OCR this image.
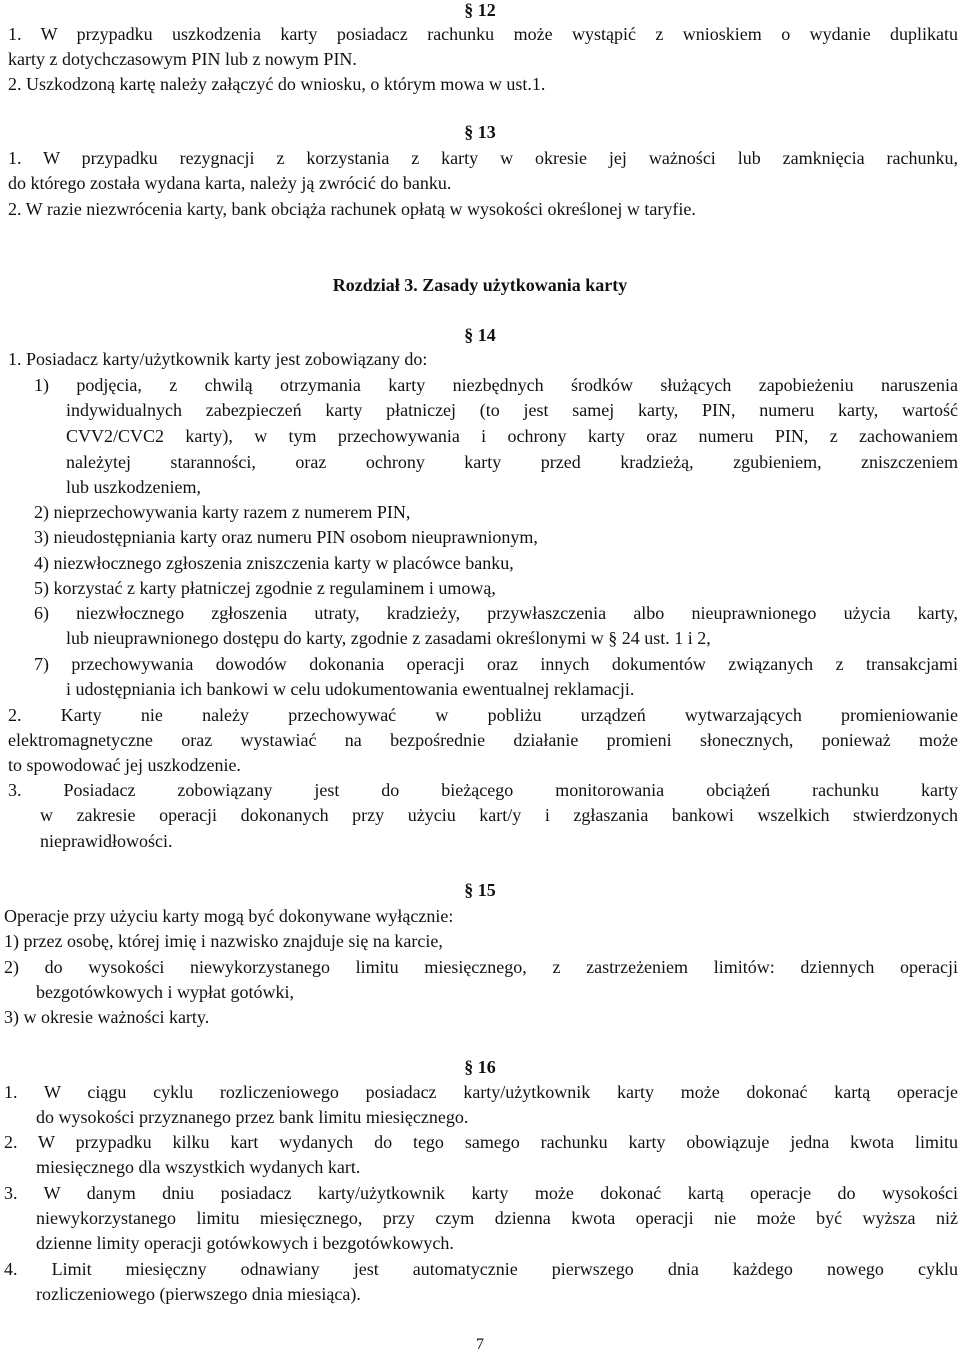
§ 12
1. W przypadku uszkodzenia karty posiadacz rachunku może wystąpić z wnioskiem o wydanie duplikatu
karty z dotychczasowym PIN lub z nowym PIN.
2. Uszkodzoną kartę należy załączyć do wniosku, o którym mowa w ust.1.
§ 13
1. W przypadku rezygnacji z korzystania z karty w okresie jej ważności lub zamknięcia rachunku,
do którego została wydana karta, należy ją zwrócić do banku.
2. W razie niezwrócenia karty, bank obciąża rachunek opłatą w wysokości określonej w taryfie.
Rozdział 3. Zasady użytkowania karty
§ 14
1. Posiadacz karty/użytkownik karty jest zobowiązany do:
1) podjęcia, z chwilą otrzymania karty niezbędnych środków służących zapobieżeniu naruszenia
indywidualnych zabezpieczeń karty płatniczej (to jest samej karty, PIN, numeru karty, wartość
CVV2/CVC2 karty), w tym przechowywania i ochrony karty oraz numeru PIN, z zachowaniem
należytej staranności, oraz ochrony karty przed kradzieżą, zgubieniem, zniszczeniem
lub uszkodzeniem,
2) nieprzechowywania karty razem z numerem PIN,
3) nieudostępniania karty oraz numeru PIN osobom nieuprawnionym,
4) niezwłocznego zgłoszenia zniszczenia karty w placówce banku,
5) korzystać z karty płatniczej zgodnie z regulaminem i umową,
6) niezwłocznego zgłoszenia utraty, kradzieży, przywłaszczenia albo nieuprawnionego użycia karty,
lub nieuprawnionego dostępu do karty, zgodnie z zasadami określonymi w § 24 ust. 1 i 2,
7) przechowywania dowodów dokonania operacji oraz innych dokumentów związanych z transakcjami
i udostępniania ich bankowi w celu udokumentowania ewentualnej reklamacji.
2. Karty nie należy przechowywać w pobliżu urządzeń wytwarzających promieniowanie
elektromagnetyczne oraz wystawiać na bezpośrednie działanie promieni słonecznych, ponieważ może
to spowodować jej uszkodzenie.
3. Posiadacz zobowiązany jest do bieżącego monitorowania obciążeń rachunku karty
w zakresie operacji dokonanych przy użyciu kart/y i zgłaszania bankowi wszelkich stwierdzonych
nieprawidłowości.
§ 15
Operacje przy użyciu karty mogą być dokonywane wyłącznie:
1) przez osobę, której imię i nazwisko znajduje się na karcie,
2) do wysokości niewykorzystanego limitu miesięcznego, z zastrzeżeniem limitów: dziennych operacji
bezgotówkowych i wypłat gotówki,
3) w okresie ważności karty.
§ 16
1. W ciągu cyklu rozliczeniowego posiadacz karty/użytkownik karty może dokonać kartą operacje
do wysokości przyznanego przez bank limitu miesięcznego.
2. W przypadku kilku kart wydanych do tego samego rachunku karty obowiązuje jedna kwota limitu
miesięcznego dla wszystkich wydanych kart.
3. W danym dniu posiadacz karty/użytkownik karty może dokonać kartą operacje do wysokości
niewykorzystanego limitu miesięcznego, przy czym dzienna kwota operacji nie może być wyższa niż
dzienne limity operacji gotówkowych i bezgotówkowych.
4. Limit miesięczny odnawiany jest automatycznie pierwszego dnia każdego nowego cyklu
rozliczeniowego (pierwszego dnia miesiąca).
7
